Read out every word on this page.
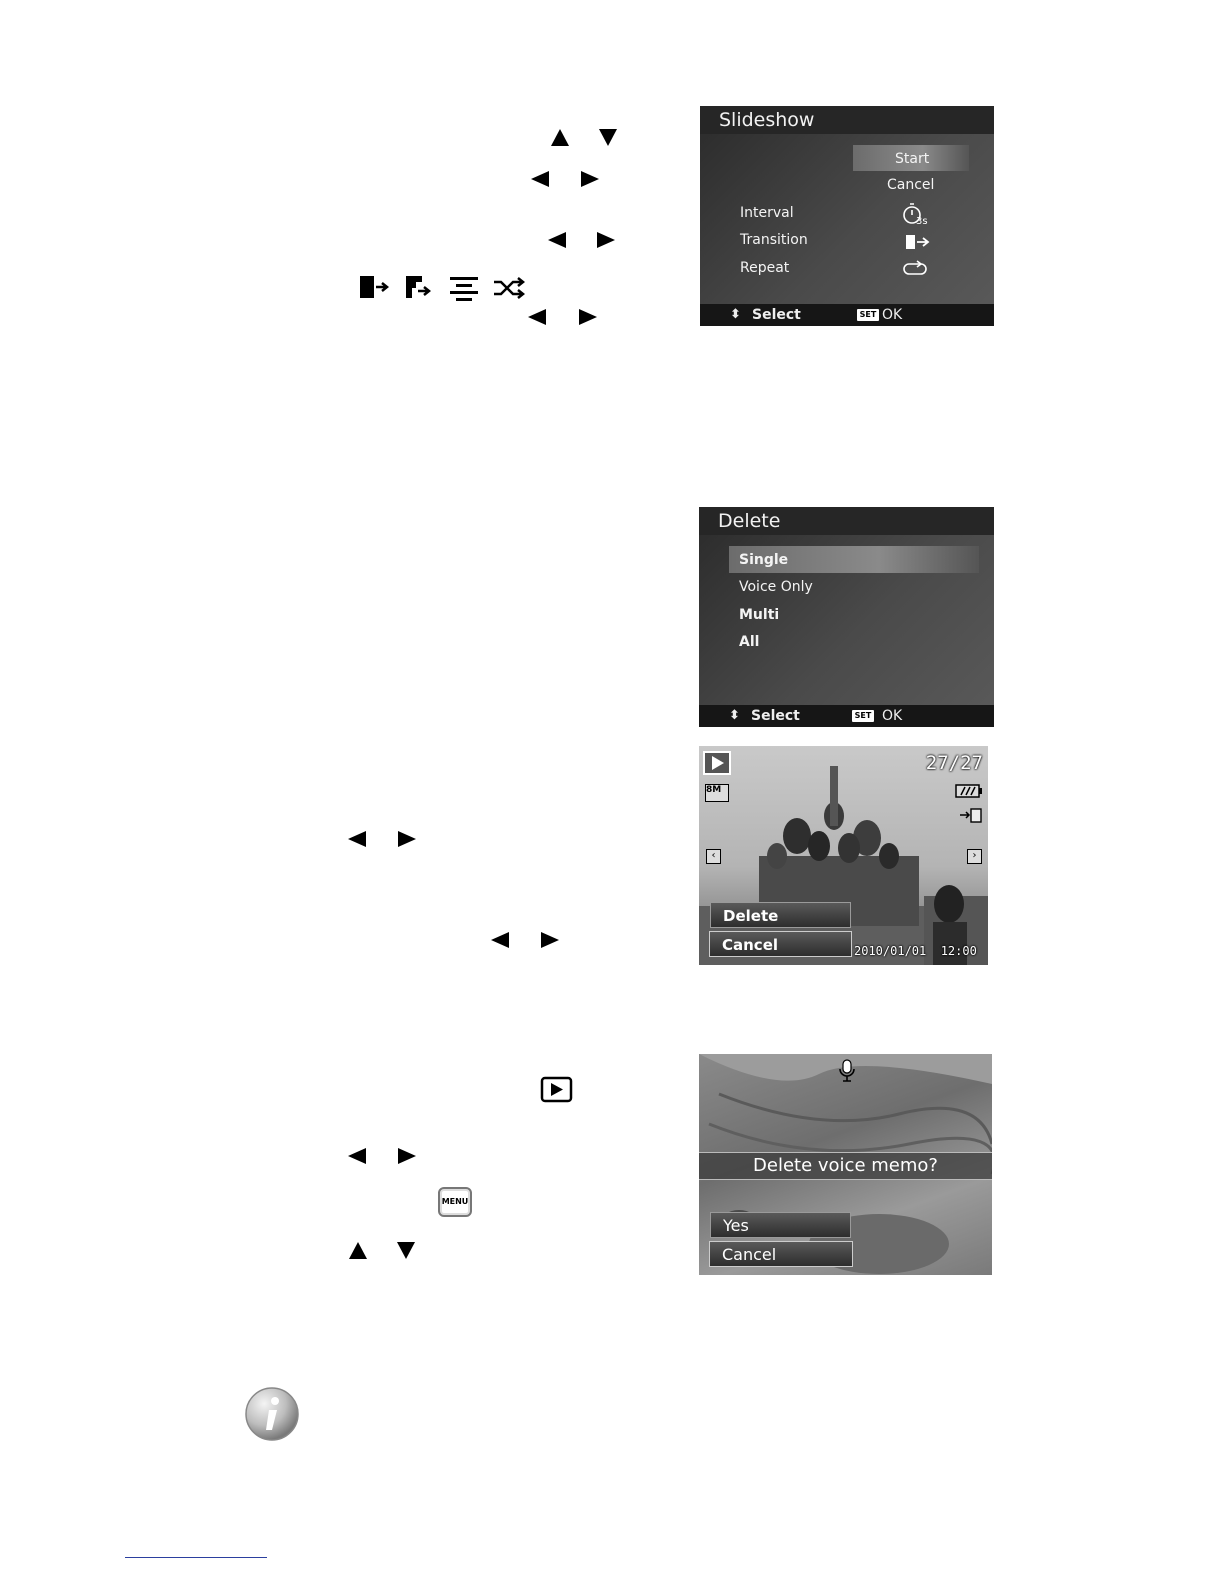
MENU
Slideshow
Start
Cancel
Interval
Transition
Repeat
3s
⬍ Select	SET OK
Delete
Single
Voice Only
Multi
All
⬍ Select	SET OK
27/27
8M
‹	›
Delete
Cancel	2010/01/01  12:00
Delete voice memo?
Yes
Cancel
